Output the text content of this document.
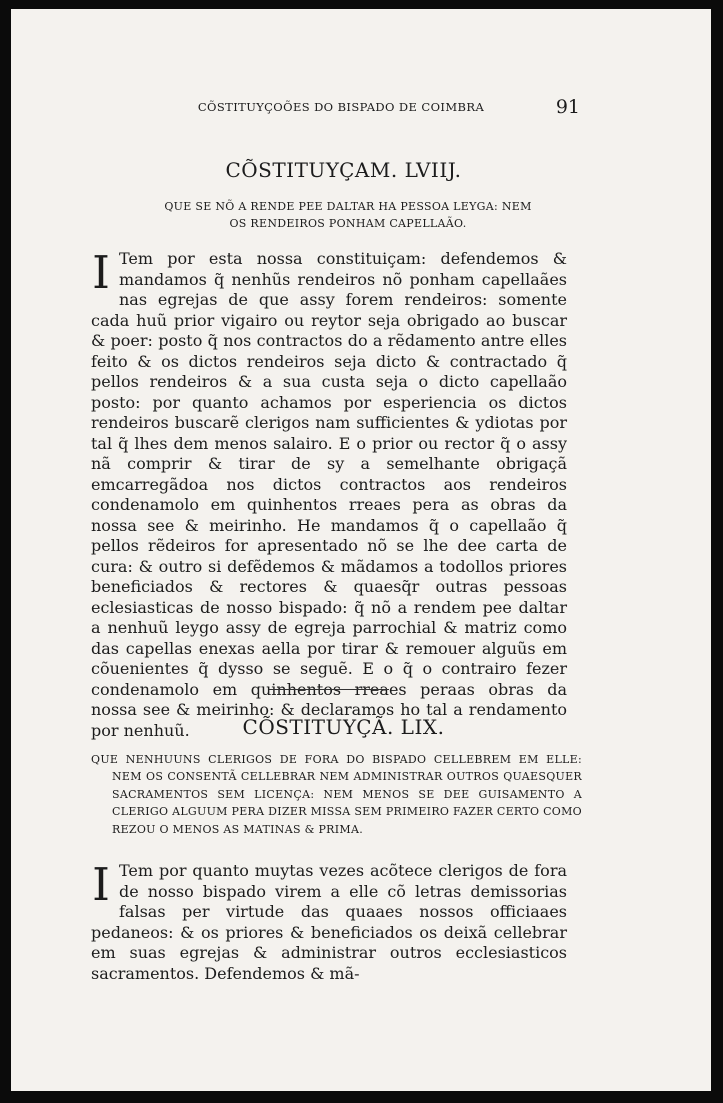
CÕSTITUYÇOÕES DO BISPADO DE COIMBRA	91
CÕSTITUYÇAM. LVIIJ.
QUE SE NÕ A RENDE PEE DALTAR HA PESSOA LEYGA: NEM OS RENDEIROS PONHAM CAPELLAÃO.
I Tem por esta nossa constituiçam: defendemos & mandamos q̃ nenhũs rendeiros nõ ponham capellaães nas egrejas de que assy forem rendeiros: somente cada huũ prior vigairo ou reytor seja obrigado ao buscar & poer: posto q̃ nos contractos do a rẽdamento antre elles feito & os dictos rendeiros seja dicto & contractado q̃ pellos rendeiros & a sua custa seja o dicto capellaão posto: por quanto achamos por esperiencia os dictos rendeiros buscarẽ clerigos nam sufficientes & ydiotas por tal q̃ lhes dem menos salairo. E o prior ou rector q̃ o assy nã comprir & tirar de sy a semelhante obrigaçã emcarregãdoa nos dictos contractos aos rendeiros condenamolo em quinhentos rreaes pera as obras da nossa see & meirinho. He mandamos q̃ o capellaão q̃ pellos rẽdeiros for apresentado nõ se lhe dee carta de cura: & outro si defẽdemos & mãdamos a todollos priores beneficiados & rectores & quaesq̃r outras pessoas eclesiasticas de nosso bispado: q̃ nõ a rendem pee daltar a nenhuũ leygo assy de egreja parrochial & matriz como das capellas enexas aella por tirar & remouer alguũs em cõuenientes q̃ dysso se seguẽ. E o q̃ o contrairo fezer condenamolo em quinhentos rreaes peraas obras da nossa see & meirinho: & declaramos ho tal a rendamento por nenhuũ.	CÕSTITUYÇÃ. LIX.
QUE NENHUUNS CLERIGOS DE FORA DO BISPADO CELLEBREM EM ELLE: NEM OS CONSENTÃ CELLEBRAR NEM ADMINISTRAR OUTROS QUAESQUER SACRAMENTOS SEM LICENÇA: NEM MENOS SE DEE GUISAMENTO A CLERIGO ALGUUM PERA DIZER MISSA SEM PRIMEIRO FAZER CERTO COMO REZOU O MENOS AS MATINAS & PRIMA.
I Tem por quanto muytas vezes acõtece clerigos de fora de nosso bispado virem a elle cõ letras demissorias falsas per virtude das quaaes nossos officiaaes pedaneos: & os priores & beneficiados os deixã cellebrar em suas egrejas & administrar outros ecclesiasticos sacramentos. Defendemos & mã-
